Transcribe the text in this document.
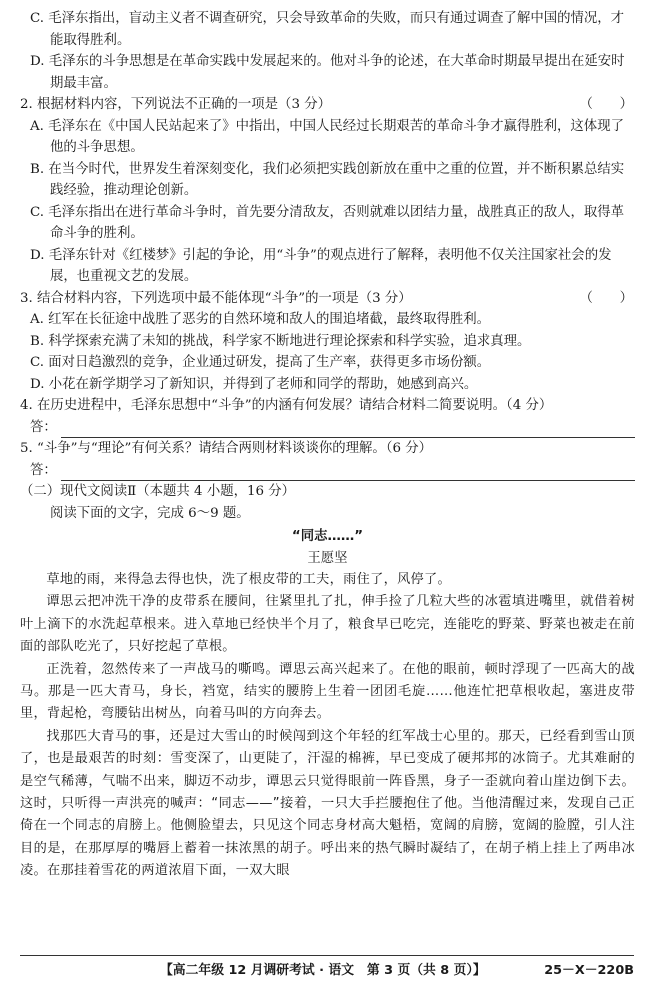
C. 毛泽东指出，盲动主义者不调查研究，只会导致革命的失败，而只有通过调查了解中国的情况，才能取得胜利。

D. 毛泽东的斗争思想是在革命实践中发展起来的。他对斗争的论述，在大革命时期最早提出在延安时期最丰富。

2. 根据材料内容，下列说法不正确的一项是（3 分）	（　　）

A. 毛泽东在《中国人民站起来了》中指出，中国人民经过长期艰苦的革命斗争才赢得胜利，这体现了他的斗争思想。

B. 在当今时代，世界发生着深刻变化，我们必须把实践创新放在重中之重的位置，并不断积累总结实践经验，推动理论创新。

C. 毛泽东指出在进行革命斗争时，首先要分清敌友，否则就难以团结力量，战胜真正的敌人，取得革命斗争的胜利。

D. 毛泽东针对《红楼梦》引起的争论，用“斗争”的观点进行了解释，表明他不仅关注国家社会的发展，也重视文艺的发展。

3. 结合材料内容，下列选项中最不能体现“斗争”的一项是（3 分）	（　　）

A. 红军在长征途中战胜了恶劣的自然环境和敌人的围追堵截，最终取得胜利。

B. 科学探索充满了未知的挑战，科学家不断地进行理论探索和科学实验，追求真理。

C. 面对日趋激烈的竞争，企业通过研发，提高了生产率，获得更多市场份额。

D. 小花在新学期学习了新知识，并得到了老师和同学的帮助，她感到高兴。

4. 在历史进程中，毛泽东思想中“斗争”的内涵有何发展？请结合材料二简要说明。（4 分）

答：

5. “斗争”与“理论”有何关系？请结合两则材料谈谈你的理解。（6 分）

答：

（二）现代文阅读Ⅱ（本题共 4 小题，16 分）

阅读下面的文字，完成 6～9 题。

“同志……”

王愿坚

草地的雨，来得急去得也快，洗了根皮带的工夫，雨住了，风停了。

谭思云把冲洗干净的皮带系在腰间，往紧里扎了扎，伸手捡了几粒大些的冰雹填进嘴里，就借着树叶上滴下的水洗起草根来。进入草地已经快半个月了，粮食早已吃完，连能吃的野菜、野菜也被走在前面的部队吃光了，只好挖起了草根。

正洗着，忽然传来了一声战马的嘶鸣。谭思云高兴起来了。在他的眼前，顿时浮现了一匹高大的战马。那是一匹大青马，身长，裆宽，结实的腰胯上生着一团团毛旋……他连忙把草根收起，塞进皮带里，背起枪，弯腰钻出树丛，向着马叫的方向奔去。

找那匹大青马的事，还是过大雪山的时候闯到这个年轻的红军战士心里的。那天，已经看到雪山顶了，也是最艰苦的时刻：雪变深了，山更陡了，汗湿的棉裤，早已变成了硬邦邦的冰筒子。尤其难耐的是空气稀薄，气喘不出来，脚迈不动步，谭思云只觉得眼前一阵昏黑，身子一歪就向着山崖边倒下去。这时，只听得一声洪亮的喊声：“同志——”接着，一只大手拦腰抱住了他。当他清醒过来，发现自己正倚在一个同志的肩膀上。他侧脸望去，只见这个同志身材高大魁梧，宽阔的肩膀，宽阔的脸膛，引人注目的是，在那厚厚的嘴唇上蓄着一抹浓黑的胡子。呼出来的热气瞬时凝结了，在胡子梢上挂上了两串冰凌。在那挂着雪花的两道浓眉下面，一双大眼

【高二年级 12 月调研考试 · 语文　第 3 页（共 8 页）】	25－X－220B
